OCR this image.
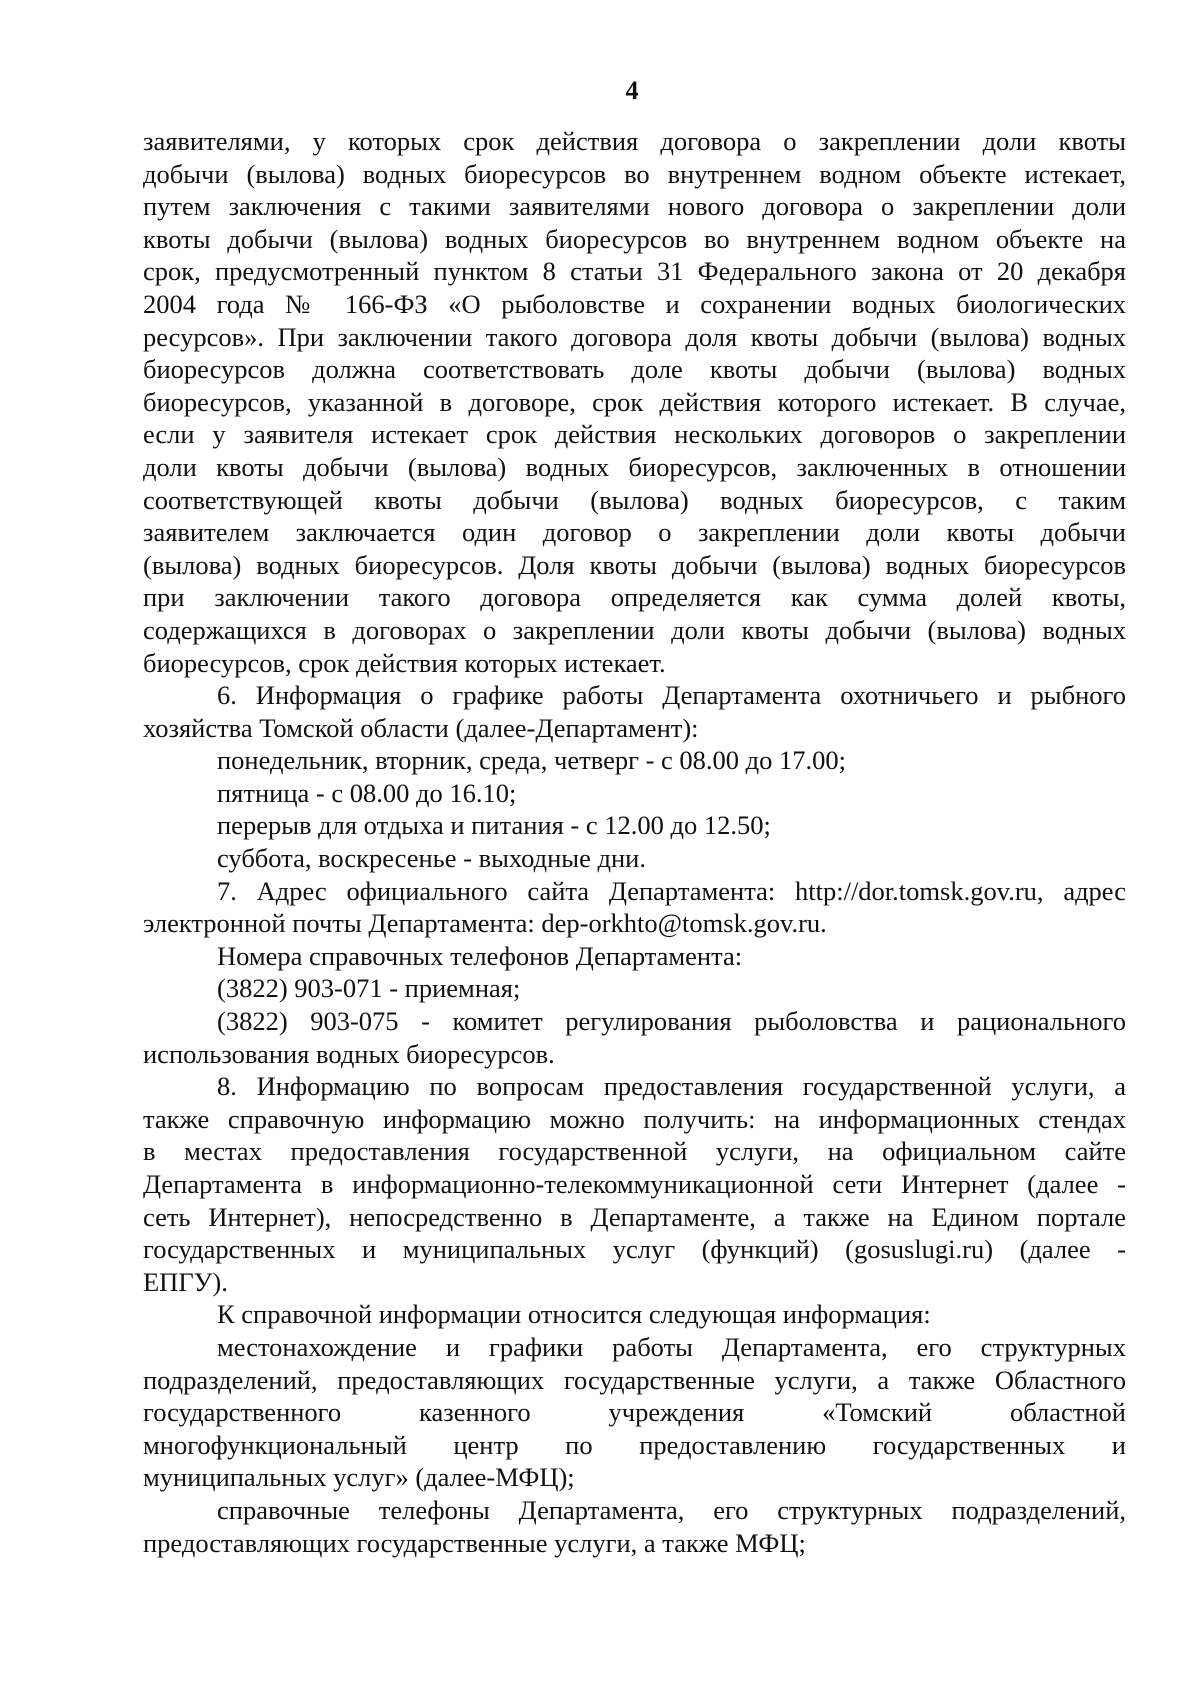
4
заявителями, у которых срок действия договора о закреплении доли квоты
добычи (вылова) водных биоресурсов во внутреннем водном объекте истекает,
путем заключения с такими заявителями нового договора о закреплении доли
квоты добычи (вылова) водных биоресурсов во внутреннем водном объекте на
срок, предусмотренный пунктом 8 статьи 31 Федерального закона от 20 декабря
2004 года № 166-ФЗ «О рыболовстве и сохранении водных биологических
ресурсов». При заключении такого договора доля квоты добычи (вылова) водных
биоресурсов должна соответствовать доле квоты добычи (вылова) водных
биоресурсов, указанной в договоре, срок действия которого истекает. В случае,
если у заявителя истекает срок действия нескольких договоров о закреплении
доли квоты добычи (вылова) водных биоресурсов, заключенных в отношении
соответствующей квоты добычи (вылова) водных биоресурсов, с таким
заявителем заключается один договор о закреплении доли квоты добычи
(вылова) водных биоресурсов. Доля квоты добычи (вылова) водных биоресурсов
при заключении такого договора определяется как сумма долей квоты,
содержащихся в договорах о закреплении доли квоты добычи (вылова) водных
биоресурсов, срок действия которых истекает.
6. Информация о графике работы Департамента охотничьего и рыбного
хозяйства Томской области (далее-Департамент):
понедельник, вторник, среда, четверг - с 08.00 до 17.00;
пятница - с 08.00 до 16.10;
перерыв для отдыха и питания - с 12.00 до 12.50;
суббота, воскресенье - выходные дни.
7. Адрес официального сайта Департамента: http://dor.tomsk.gov.ru, адрес
электронной почты Департамента: dep-orkhto@tomsk.gov.ru.
Номера справочных телефонов Департамента:
(3822) 903-071 - приемная;
(3822) 903-075 - комитет регулирования рыболовства и рационального
использования водных биоресурсов.
8. Информацию по вопросам предоставления государственной услуги, а
также справочную информацию можно получить: на информационных стендах
в местах предоставления государственной услуги, на официальном сайте
Департамента в информационно-телекоммуникационной сети Интернет (далее -
сеть Интернет), непосредственно в Департаменте, а также на Едином портале
государственных и муниципальных услуг (функций) (gosuslugi.ru) (далее -
ЕПГУ).
К справочной информации относится следующая информация:
местонахождение и графики работы Департамента, его структурных
подразделений, предоставляющих государственные услуги, а также Областного
государственного казенного учреждения «Томский областной
многофункциональный центр по предоставлению государственных и
муниципальных услуг» (далее-МФЦ);
справочные телефоны Департамента, его структурных подразделений,
предоставляющих государственные услуги, а также МФЦ;
